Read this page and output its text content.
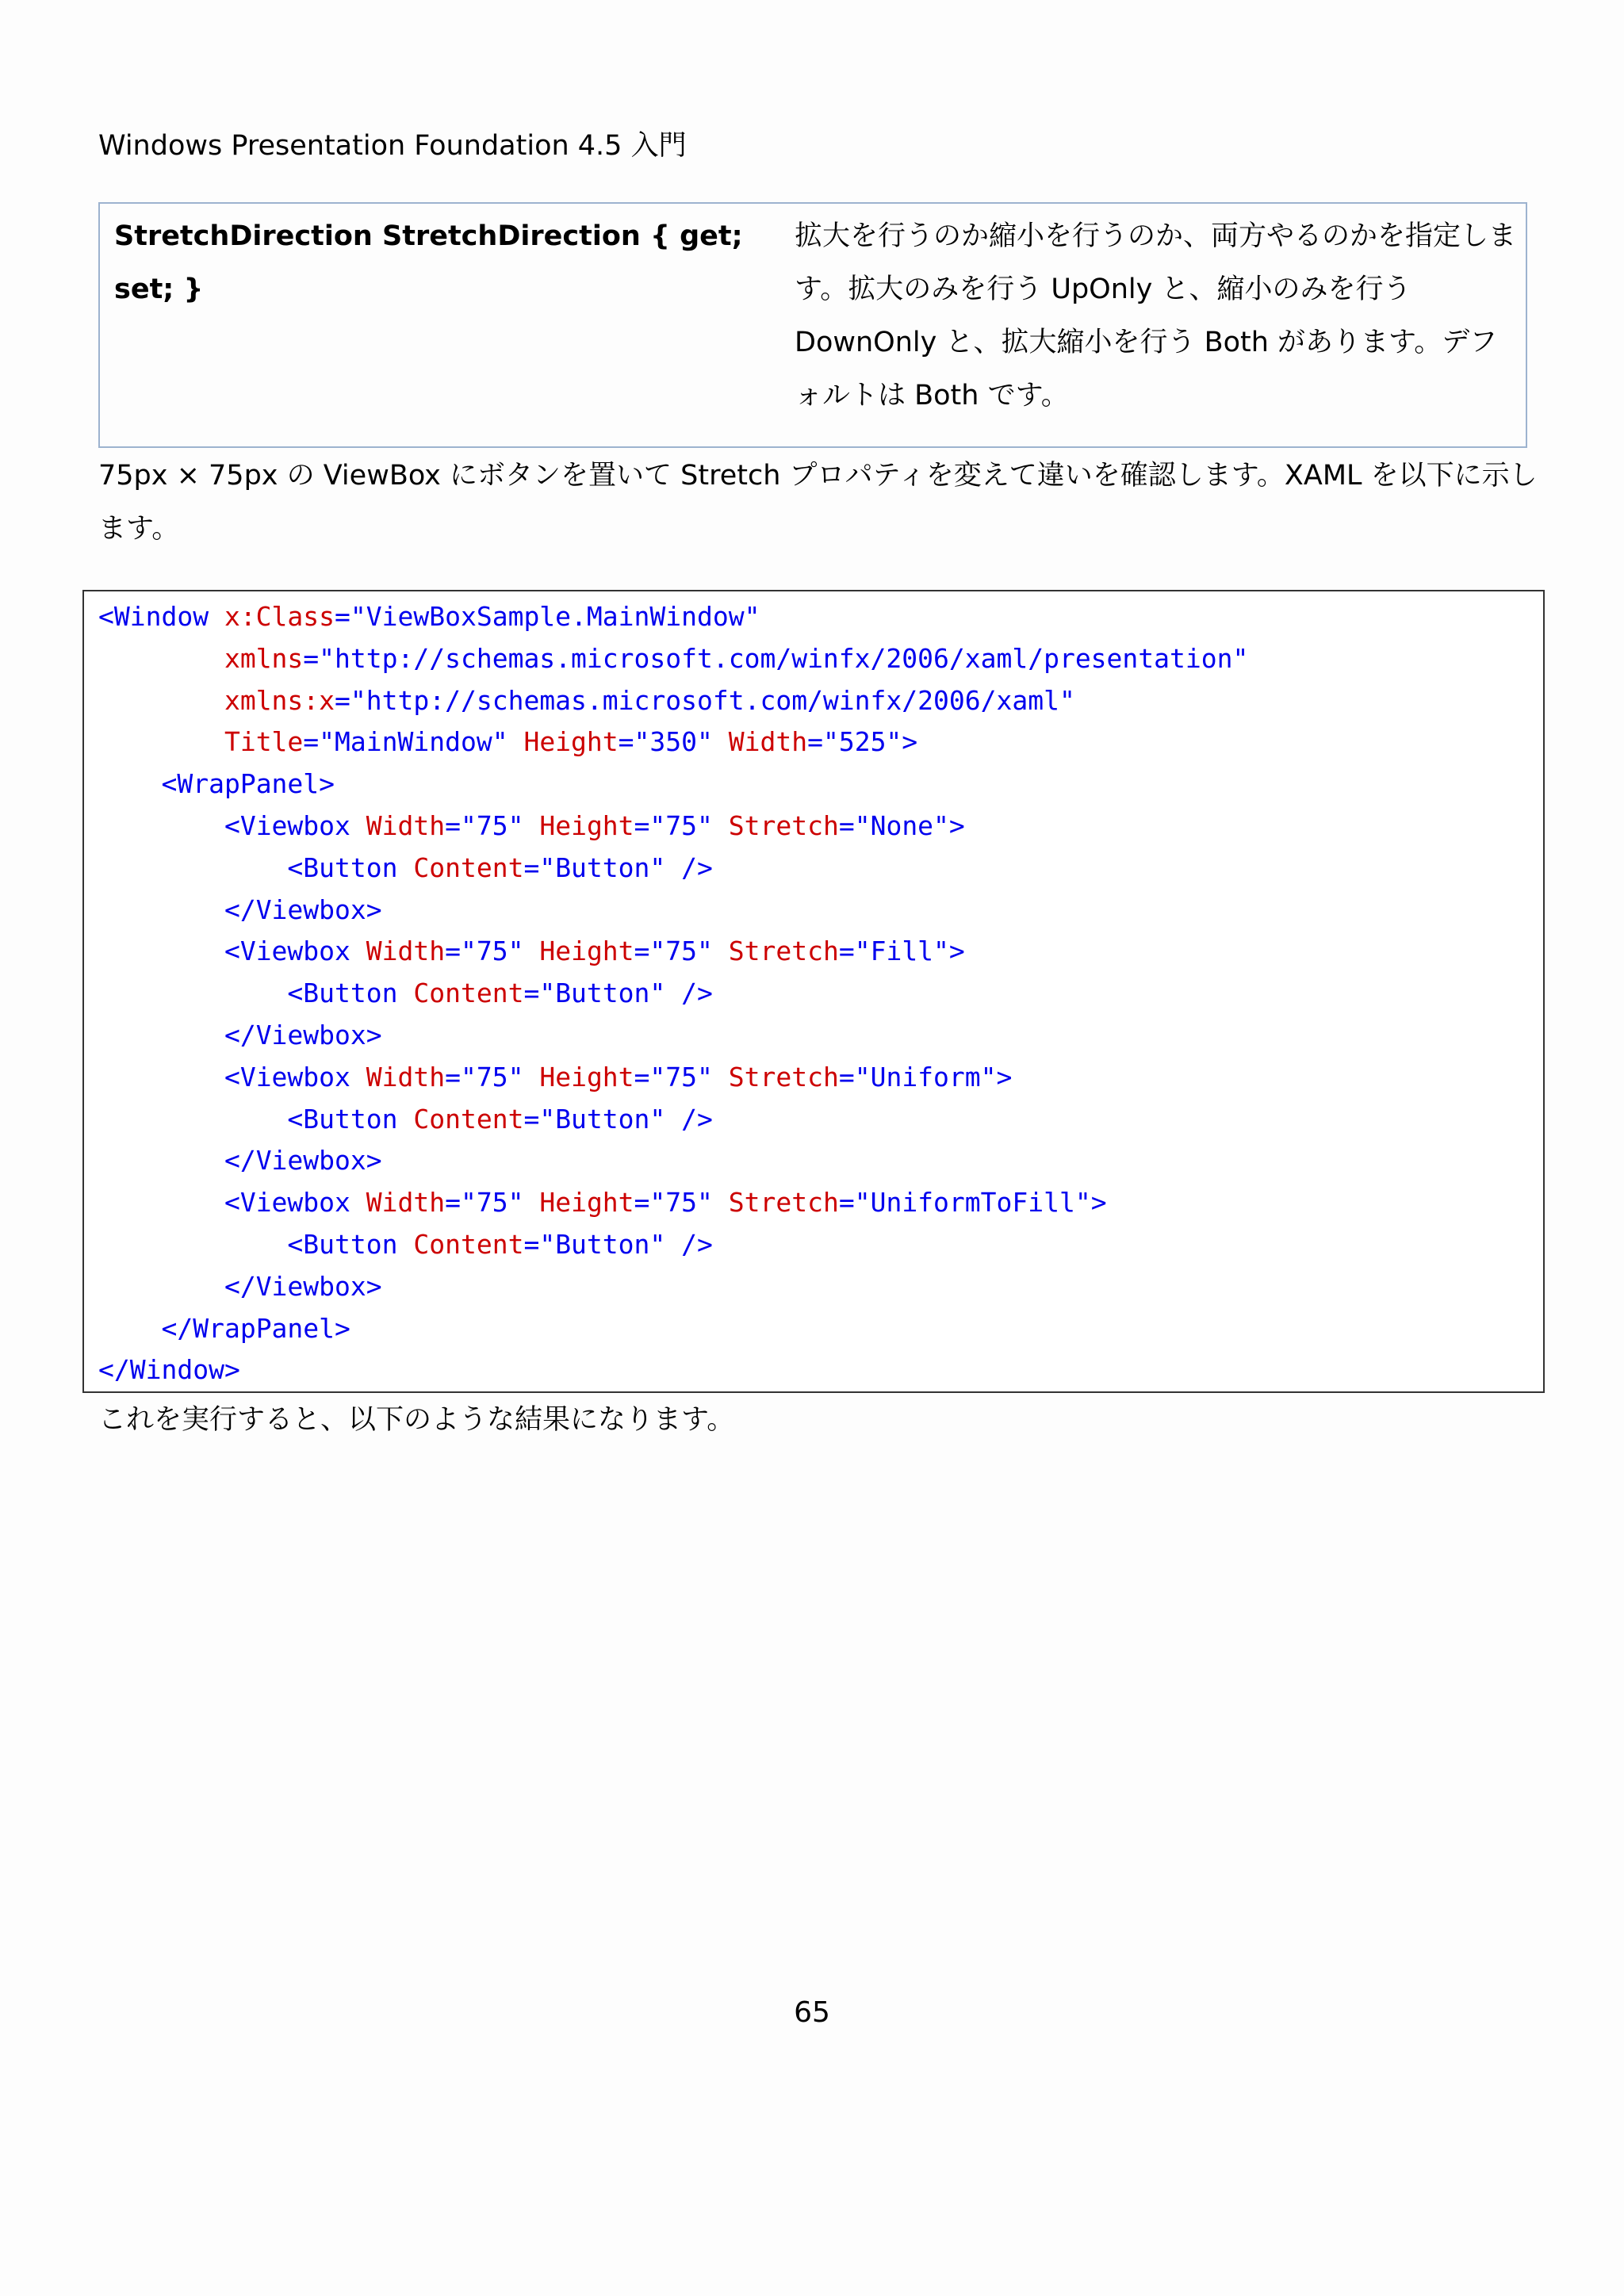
Windows Presentation Foundation 4.5 入門
StretchDirection StretchDirection { get; set; }
拡大を行うのか縮小を行うのか、両方やるのかを指定します。拡大のみを行う UpOnly と、縮小のみを行う DownOnly と、拡大縮小を行う Both があります。デフォルトは Both です。
75px × 75px の ViewBox にボタンを置いて Stretch プロパティを変えて違いを確認します。XAML を以下に示します。
<Window x:Class="ViewBoxSample.MainWindow"
xmlns="http://schemas.microsoft.com/winfx/2006/xaml/presentation"
xmlns:x="http://schemas.microsoft.com/winfx/2006/xaml"
Title="MainWindow" Height="350" Width="525">
<WrapPanel>
<Viewbox Width="75" Height="75" Stretch="None">
<Button Content="Button" />
</Viewbox>
<Viewbox Width="75" Height="75" Stretch="Fill">
<Button Content="Button" />
</Viewbox>
<Viewbox Width="75" Height="75" Stretch="Uniform">
<Button Content="Button" />
</Viewbox>
<Viewbox Width="75" Height="75" Stretch="UniformToFill">
<Button Content="Button" />
</Viewbox>
</WrapPanel>
</Window>
これを実行すると、以下のような結果になります。
65
